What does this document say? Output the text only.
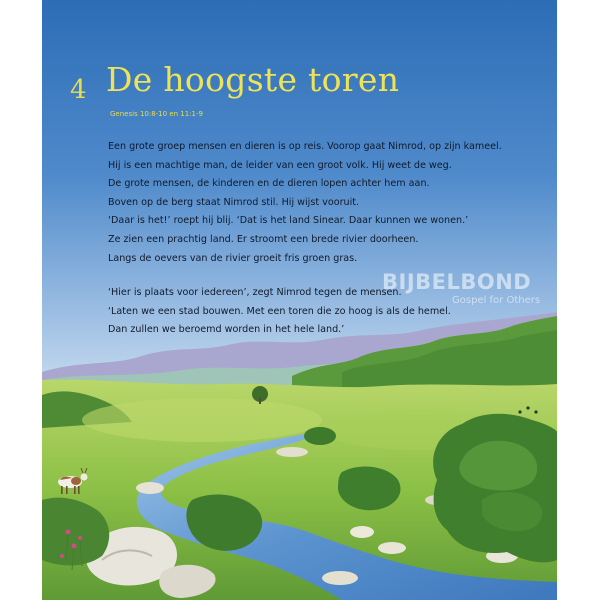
4 De hoogste toren
Genesis 10:8-10 en 11:1-9
Een grote groep mensen en dieren is op reis. Voorop gaat Nimrod, op zijn kameel.
Hij is een machtige man, de leider van een groot volk. Hij weet de weg.
De grote mensen, de kinderen en de dieren lopen achter hem aan.
Boven op de berg staat Nimrod stil. Hij wijst vooruit.
‘Daar is het!’ roept hij blij. ‘Dat is het land Sinear. Daar kunnen we wonen.’
Ze zien een prachtig land. Er stroomt een brede rivier doorheen.
Langs de oevers van de rivier groeit fris groen gras.
‘Hier is plaats voor iedereen’, zegt Nimrod tegen de mensen.
‘Laten we een stad bouwen. Met een toren die zo hoog is als de hemel.
Dan zullen we beroemd worden in het hele land.’
BIJBELBOND
Gospel for Others
